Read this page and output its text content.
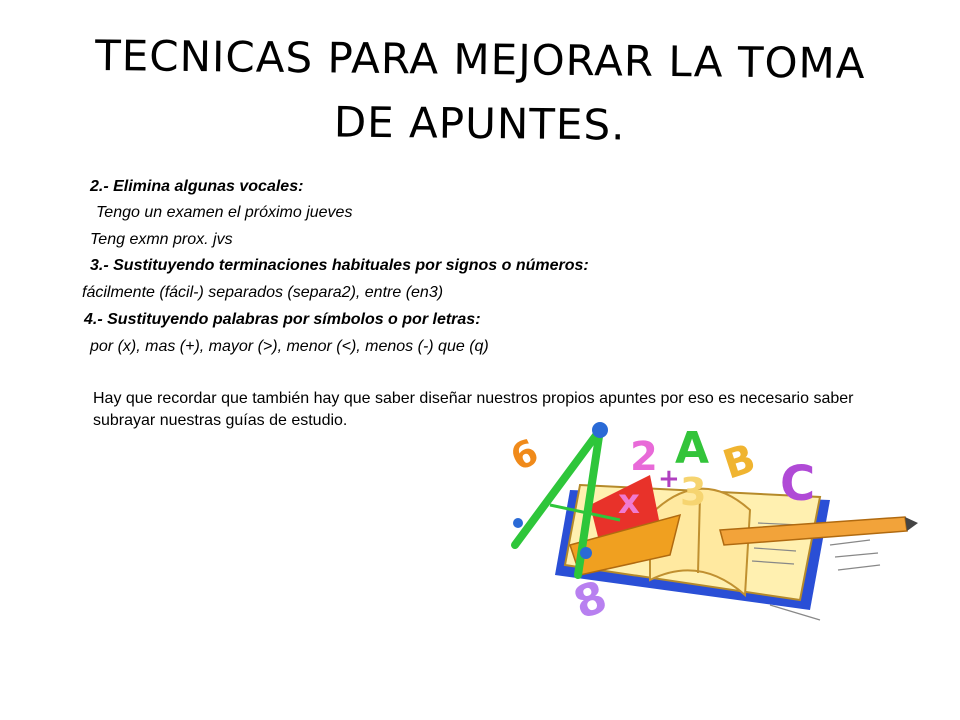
TECNICAS PARA MEJORAR LA TOMA DE APUNTES.
2.- Elimina algunas vocales:
Tengo un examen el próximo jueves
Teng exmn prox. jvs
3.- Sustituyendo terminaciones habituales por signos o números:
fácilmente (fácil-) separados (separa2), entre (en3)
4.- Sustituyendo palabras por símbolos o por letras:
por (x), mas (+), mayor (>), menor (<), menos (-) que (q)
Hay que recordar que también hay que saber diseñar nuestros propios apuntes por eso es necesario saber subrayar nuestras guías de estudio.
A B C
6 2
3
8
+
x
